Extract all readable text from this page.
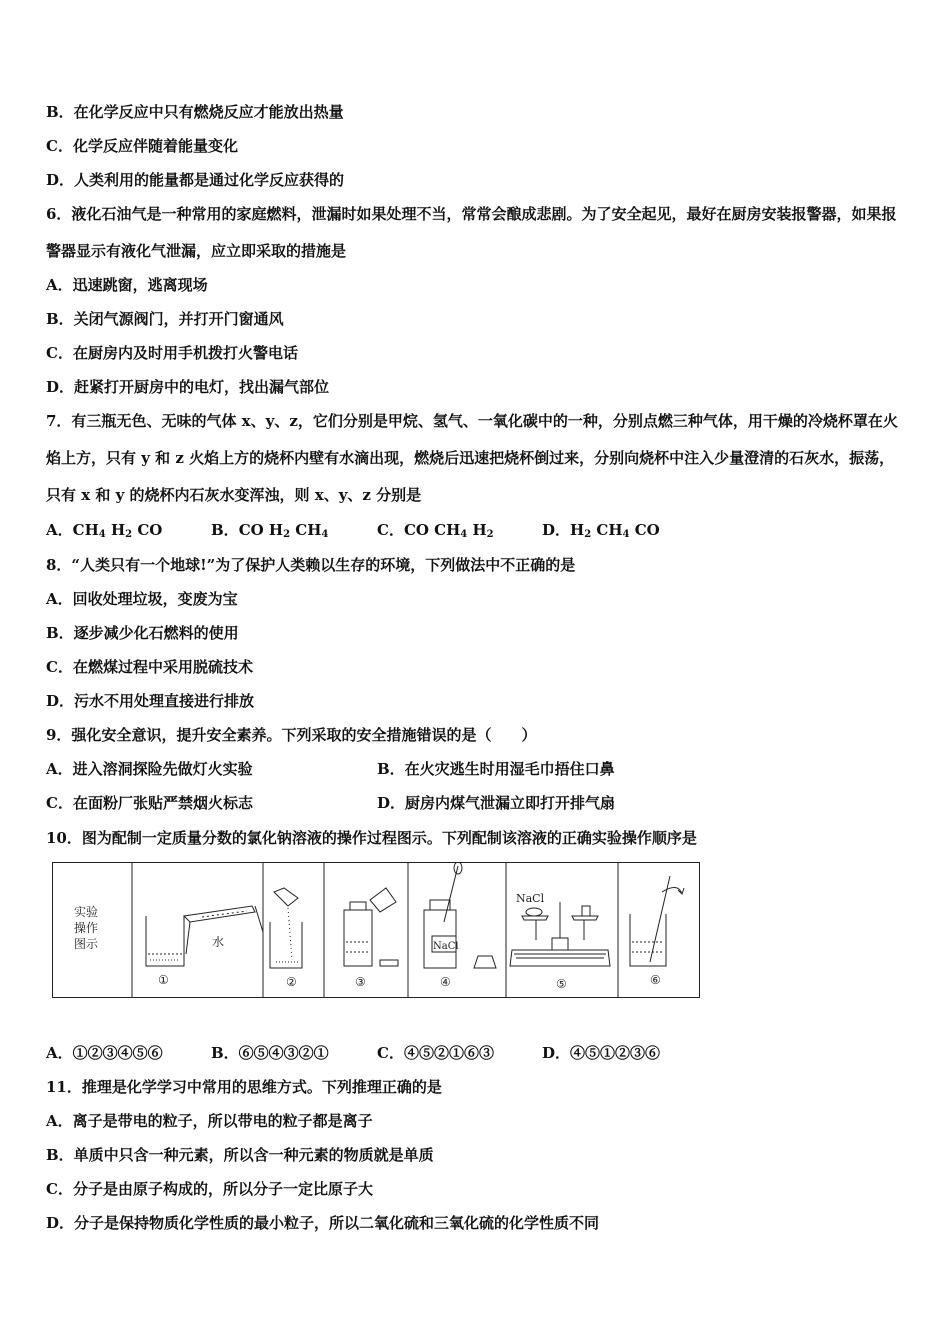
B．在化学反应中只有燃烧反应才能放出热量
C．化学反应伴随着能量变化
D．人类利用的能量都是通过化学反应获得的
6．液化石油气是一种常用的家庭燃料，泄漏时如果处理不当，常常会酿成悲剧。为了安全起见，最好在厨房安装报警器，如果报警器显示有液化气泄漏，应立即采取的措施是
A．迅速跳窗，逃离现场
B．关闭气源阀门，并打开门窗通风
C．在厨房内及时用手机拨打火警电话
D．赶紧打开厨房中的电灯，找出漏气部位
7．有三瓶无色、无味的气体 x、y、z，它们分别是甲烷、氢气、一氧化碳中的一种，分别点燃三种气体，用干燥的冷烧杯罩在火焰上方，只有 y 和 z 火焰上方的烧杯内壁有水滴出现，燃烧后迅速把烧杯倒过来，分别向烧杯中注入少量澄清的石灰水，振荡，只有 x 和 y 的烧杯内石灰水变浑浊，则 x、y、z 分别是
A．$CH_4$ $H_2$ CO	B．CO $H_2$ $CH_4$	C．CO $CH_4$ $H_2$	D．$H_2$ $CH_4$ CO
8．“人类只有一个地球!”为了保护人类赖以生存的环境，下列做法中不正确的是
A．回收处理垃圾，变废为宝
B．逐步减少化石燃料的使用
C．在燃煤过程中采用脱硫技术
D．污水不用处理直接进行排放
9．强化安全意识，提升安全素养。下列采取的安全措施错误的是（　　）
A．进入溶洞探险先做灯火实验	B．在火灾逃生时用湿毛巾捂住口鼻
C．在面粉厂张贴严禁烟火标志	D．厨房内煤气泄漏立即打开排气扇
10．图为配制一定质量分数的氯化钠溶液的操作过程图示。下列配制该溶液的正确实验操作顺序是
实验
操作
图示	水	NaCl
NaCl
①	②	③	④	⑤	⑥
A．①②③④⑤⑥	B．⑥⑤④③②①	C．④⑤②①⑥③	D．④⑤①②③⑥
11．推理是化学学习中常用的思维方式。下列推理正确的是
A．离子是带电的粒子，所以带电的粒子都是离子
B．单质中只含一种元素，所以含一种元素的物质就是单质
C．分子是由原子构成的，所以分子一定比原子大
D．分子是保持物质化学性质的最小粒子，所以二氧化硫和三氧化硫的化学性质不同
